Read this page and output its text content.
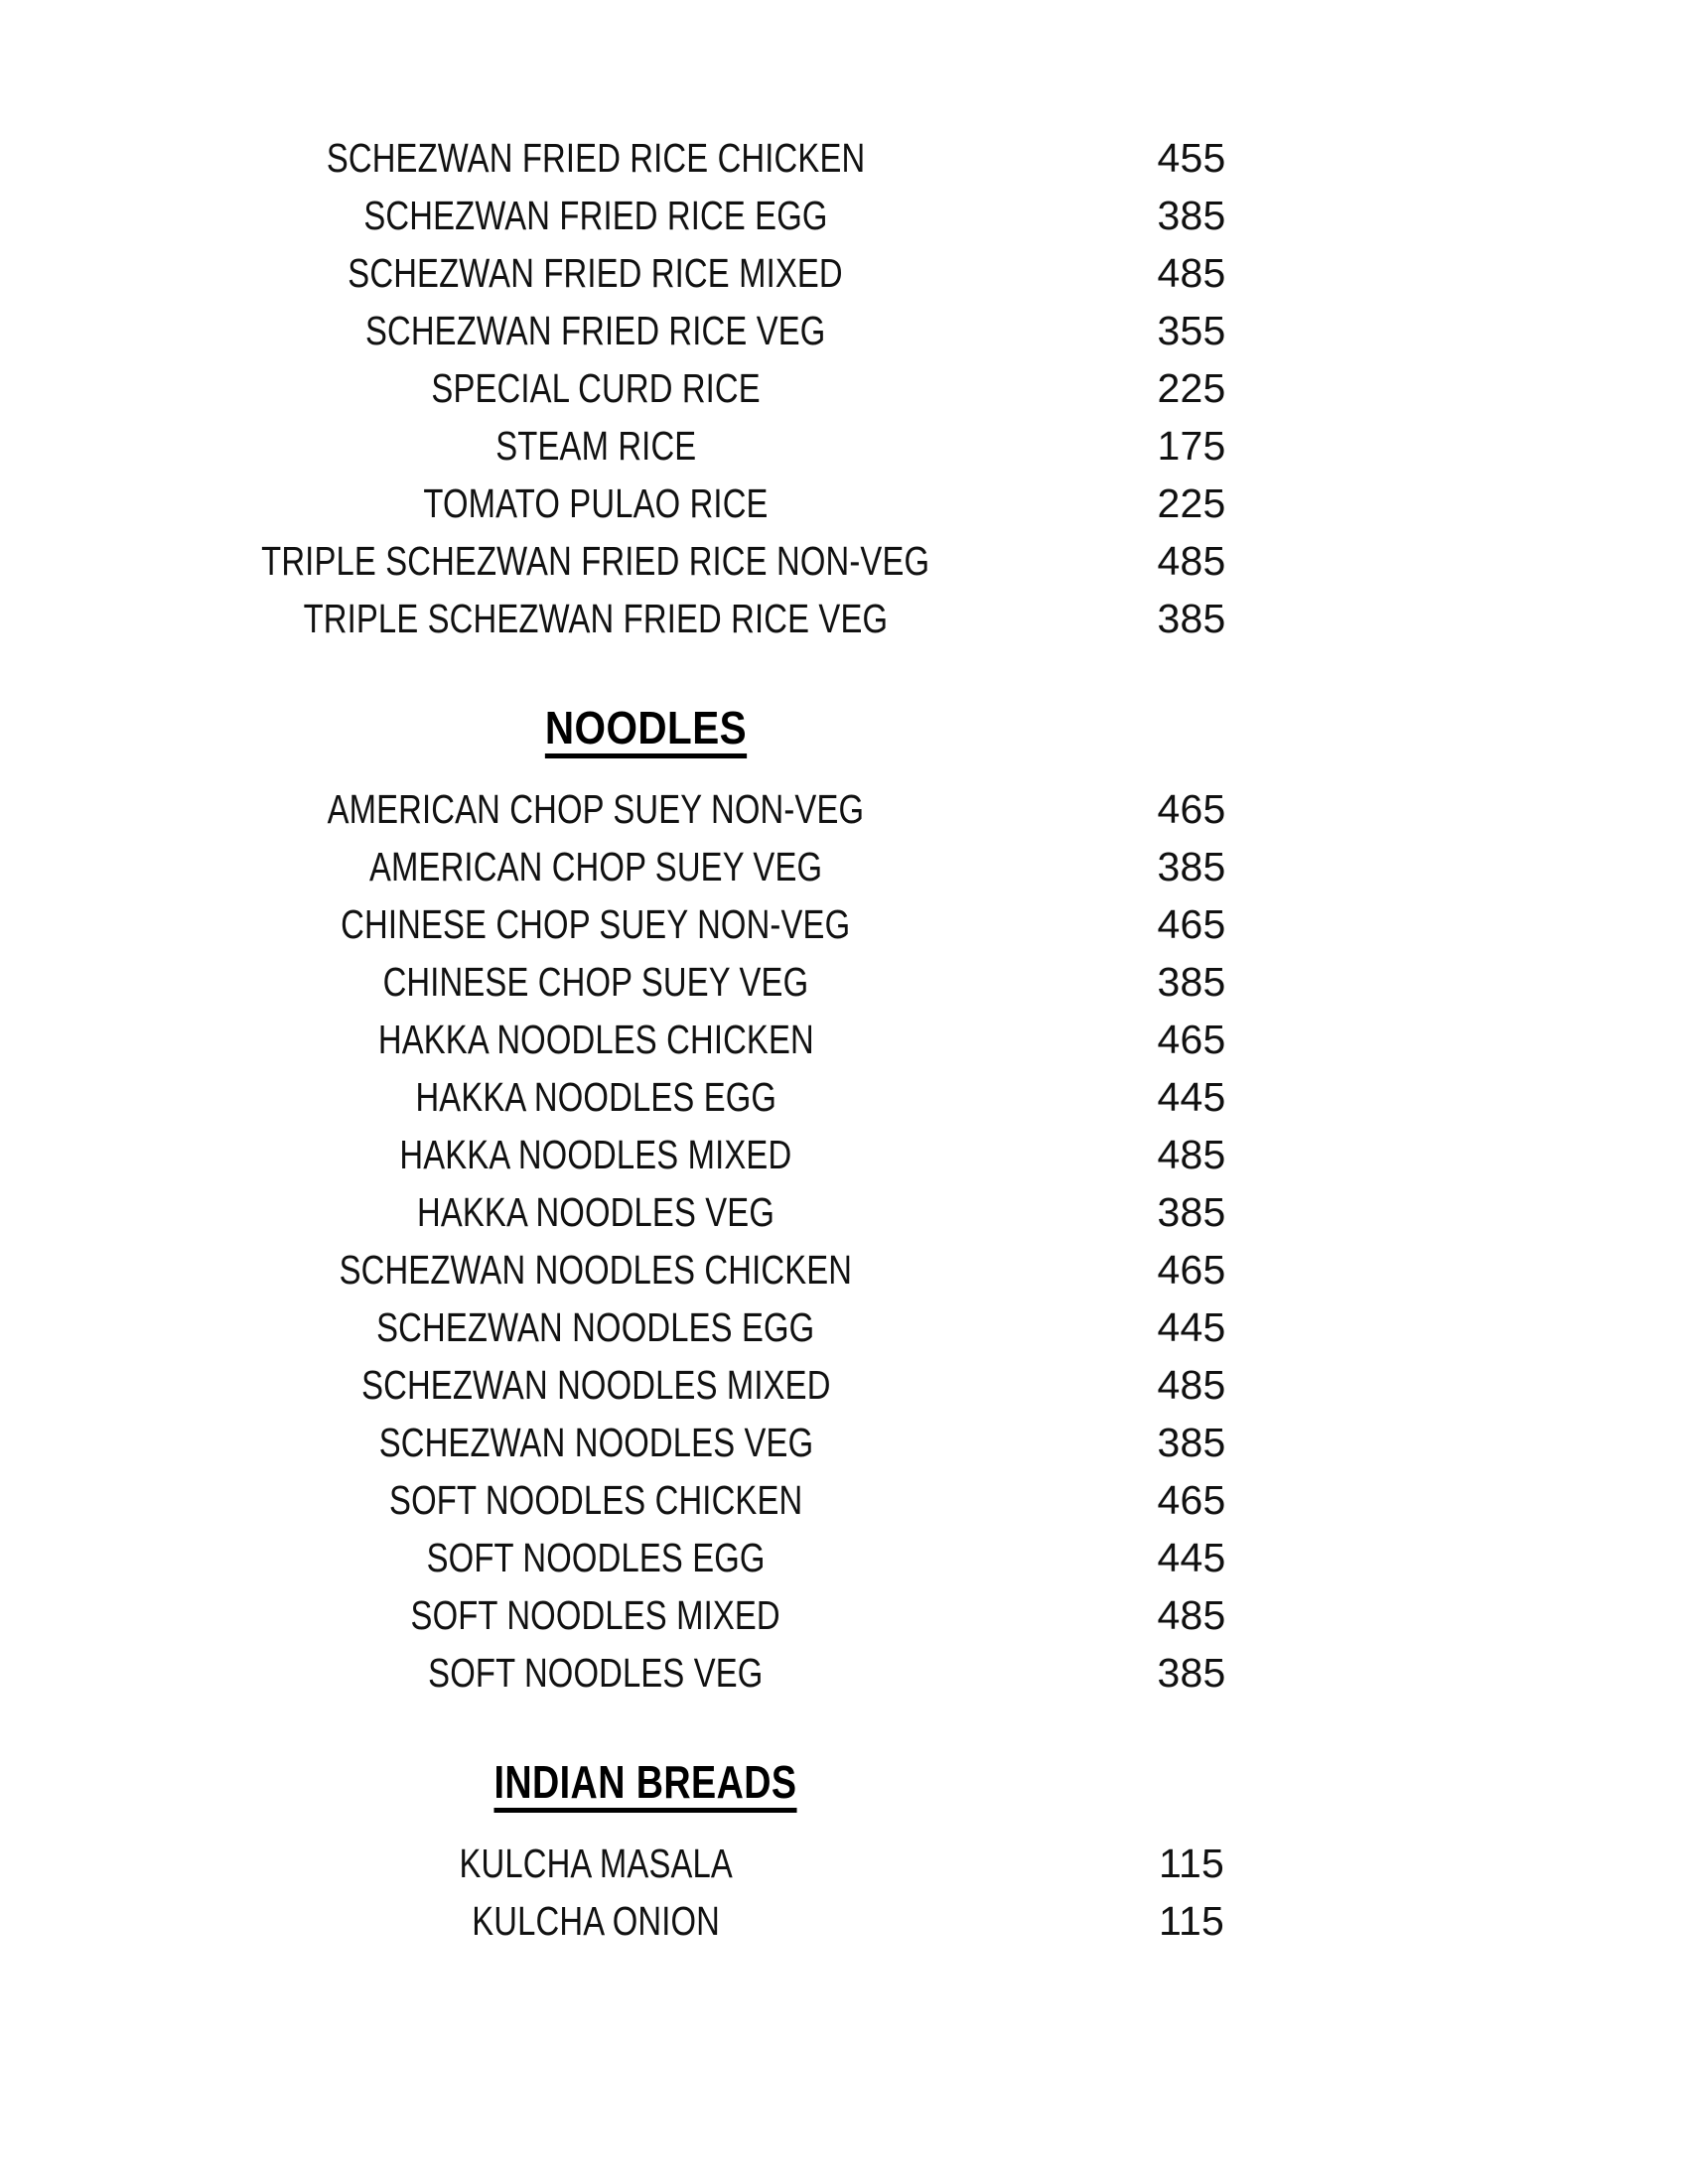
SCHEZWAN FRIED RICE CHICKEN	455
SCHEZWAN FRIED RICE EGG	385
SCHEZWAN FRIED RICE MIXED	485
SCHEZWAN FRIED RICE VEG	355
SPECIAL CURD RICE	225
STEAM RICE	175
TOMATO PULAO RICE	225
TRIPLE SCHEZWAN FRIED RICE NON-VEG	485
TRIPLE SCHEZWAN FRIED RICE VEG	385
NOODLES
AMERICAN CHOP SUEY NON-VEG	465
AMERICAN CHOP SUEY VEG	385
CHINESE CHOP SUEY NON-VEG	465
CHINESE CHOP SUEY VEG	385
HAKKA NOODLES CHICKEN	465
HAKKA NOODLES EGG	445
HAKKA NOODLES MIXED	485
HAKKA NOODLES VEG	385
SCHEZWAN NOODLES CHICKEN	465
SCHEZWAN NOODLES EGG	445
SCHEZWAN NOODLES MIXED	485
SCHEZWAN NOODLES VEG	385
SOFT NOODLES CHICKEN	465
SOFT NOODLES EGG	445
SOFT NOODLES MIXED	485
SOFT NOODLES VEG	385
INDIAN BREADS
KULCHA MASALA	115
KULCHA ONION	115
